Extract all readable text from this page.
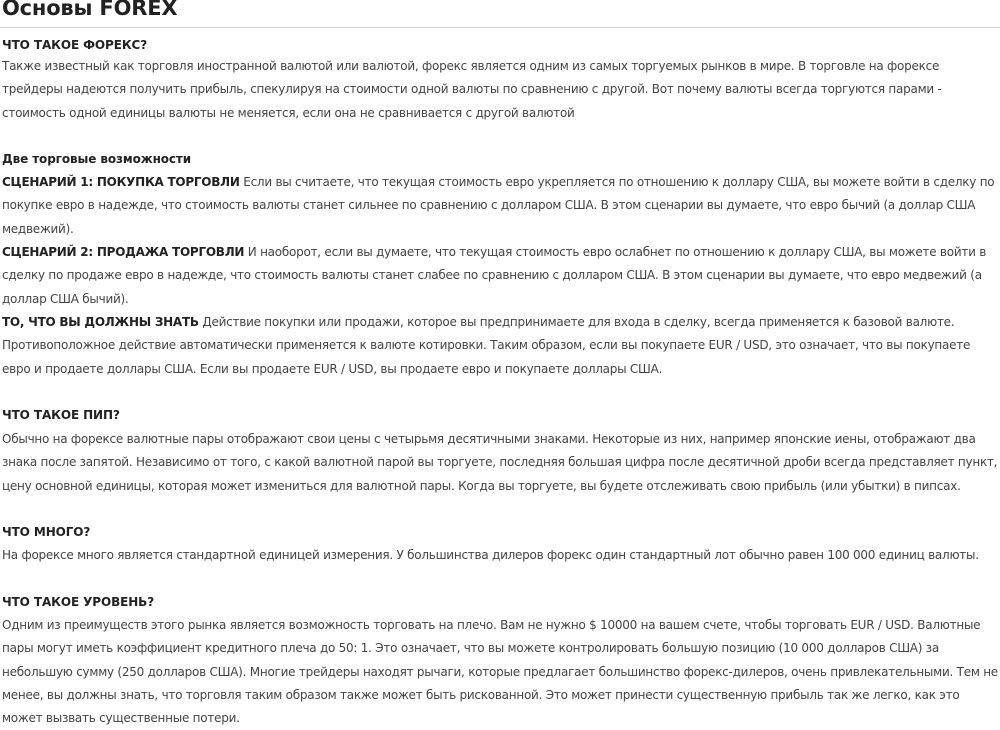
Основы FOREX
ЧТО ТАКОЕ ФОРЕКС?

Также известный как торговля иностранной валютой или валютой, форекс является одним из самых торгуемых рынков в мире. В торговле на форексе трейдеры надеются получить прибыль, спекулируя на стоимости одной валюты по сравнению с другой. Вот почему валюты всегда торгуются парами - стоимость одной единицы валюты не меняется, если она не сравнивается с другой валютой

Две торговые возможности

СЦЕНАРИЙ 1: ПОКУПКА ТОРГОВЛИ Если вы считаете, что текущая стоимость евро укрепляется по отношению к доллару США, вы можете войти в сделку по покупке евро в надежде, что стоимость валюты станет сильнее по сравнению с долларом США. В этом сценарии вы думаете, что евро бычий (а доллар США медвежий).

СЦЕНАРИЙ 2: ПРОДАЖА ТОРГОВЛИ И наоборот, если вы думаете, что текущая стоимость евро ослабнет по отношению к доллару США, вы можете войти в сделку по продаже евро в надежде, что стоимость валюты станет слабее по сравнению с долларом США. В этом сценарии вы думаете, что евро медвежий (а доллар США бычий).

ТО, ЧТО ВЫ ДОЛЖНЫ ЗНАТЬ Действие покупки или продажи, которое вы предпринимаете для входа в сделку, всегда применяется к базовой валюте. Противоположное действие автоматически применяется к валюте котировки. Таким образом, если вы покупаете EUR / USD, это означает, что вы покупаете евро и продаете доллары США. Если вы продаете EUR / USD, вы продаете евро и покупаете доллары США.

ЧТО ТАКОЕ ПИП?

Обычно на форексе валютные пары отображают свои цены с четырьмя десятичными знаками. Некоторые из них, например японские иены, отображают два знака после запятой. Независимо от того, с какой валютной парой вы торгуете, последняя большая цифра после десятичной дроби всегда представляет пункт, цену основной единицы, которая может измениться для валютной пары. Когда вы торгуете, вы будете отслеживать свою прибыль (или убытки) в пипсах.

ЧТО МНОГО?

На форексе много является стандартной единицей измерения. У большинства дилеров форекс один стандартный лот обычно равен 100 000 единиц валюты.

ЧТО ТАКОЕ УРОВЕНЬ?

Одним из преимуществ этого рынка является возможность торговать на плечо. Вам не нужно $ 10000 на вашем счете, чтобы торговать EUR / USD. Валютные пары могут иметь коэффициент кредитного плеча до 50: 1. Это означает, что вы можете контролировать большую позицию (10 000 долларов США) за небольшую сумму (250 долларов США). Многие трейдеры находят рычаги, которые предлагает большинство форекс-дилеров, очень привлекательными. Тем не менее, вы должны знать, что торговля таким образом также может быть рискованной. Это может принести существенную прибыль так же легко, как это может вызвать существенные потери.
